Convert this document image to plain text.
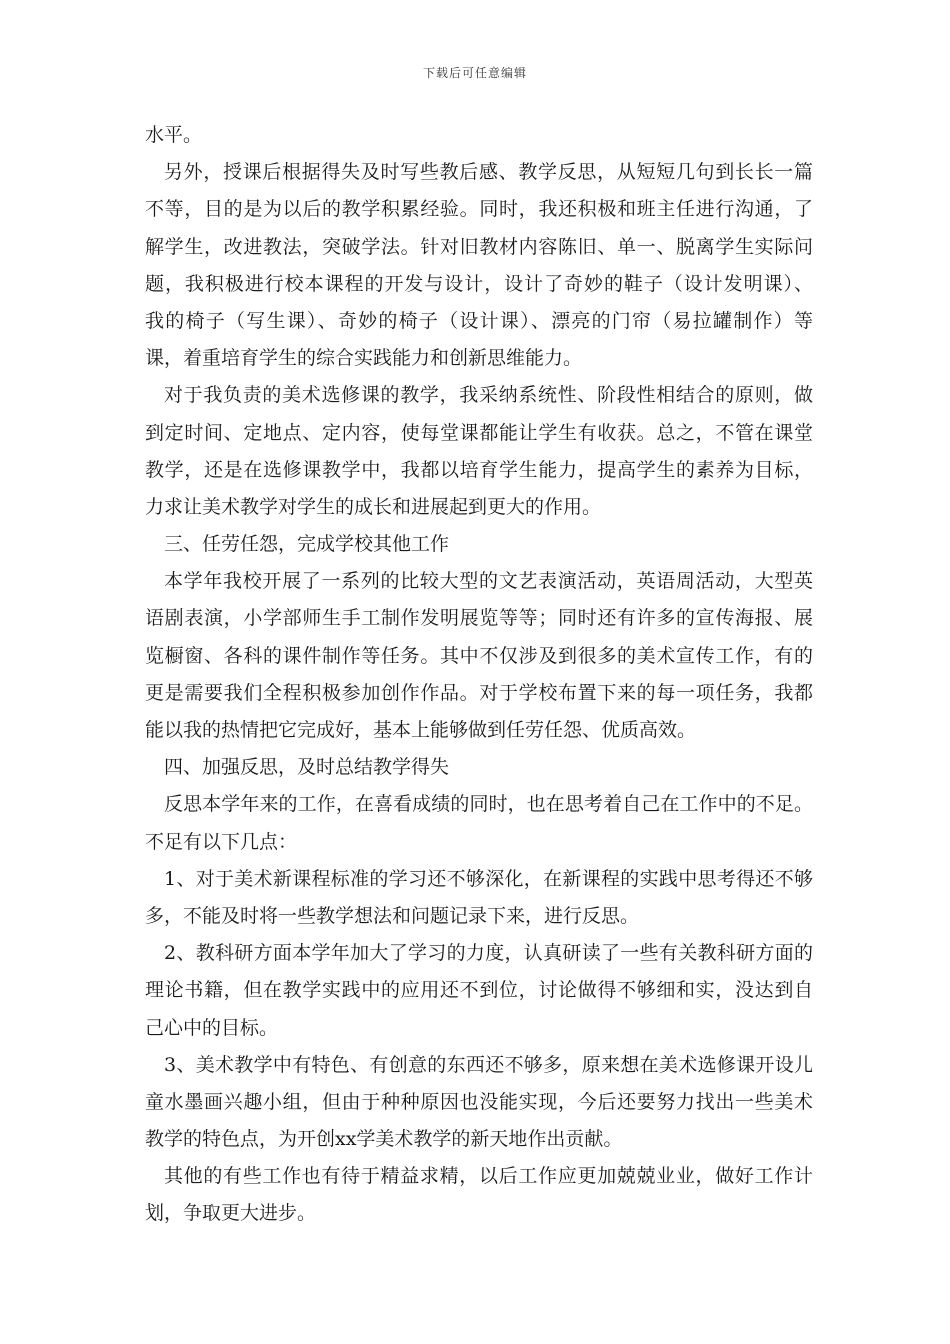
下载后可任意编辑
水平。
另外，授课后根据得失及时写些教后感、教学反思，从短短几句到长长一篇
不等，目的是为以后的教学积累经验。同时，我还积极和班主任进行沟通，了
解学生，改进教法，突破学法。针对旧教材内容陈旧、单一、脱离学生实际问
题，我积极进行校本课程的开发与设计，设计了奇妙的鞋子（设计发明课）、
我的椅子（写生课）、奇妙的椅子（设计课）、漂亮的门帘（易拉罐制作）等
课，着重培育学生的综合实践能力和创新思维能力。
对于我负责的美术选修课的教学，我采纳系统性、阶段性相结合的原则，做
到定时间、定地点、定内容，使每堂课都能让学生有收获。总之，不管在课堂
教学，还是在选修课教学中，我都以培育学生能力，提高学生的素养为目标，
力求让美术教学对学生的成长和进展起到更大的作用。
三、任劳任怨，完成学校其他工作
本学年我校开展了一系列的比较大型的文艺表演活动，英语周活动，大型英
语剧表演，小学部师生手工制作发明展览等等；同时还有许多的宣传海报、展
览橱窗、各科的课件制作等任务。其中不仅涉及到很多的美术宣传工作，有的
更是需要我们全程积极参加创作作品。对于学校布置下来的每一项任务，我都
能以我的热情把它完成好，基本上能够做到任劳任怨、优质高效。
四、加强反思，及时总结教学得失
反思本学年来的工作，在喜看成绩的同时，也在思考着自己在工作中的不足。
不足有以下几点：
1、对于美术新课程标准的学习还不够深化，在新课程的实践中思考得还不够
多，不能及时将一些教学想法和问题记录下来，进行反思。
2、教科研方面本学年加大了学习的力度，认真研读了一些有关教科研方面的
理论书籍，但在教学实践中的应用还不到位，讨论做得不够细和实，没达到自
己心中的目标。
3、美术教学中有特色、有创意的东西还不够多，原来想在美术选修课开设儿
童水墨画兴趣小组，但由于种种原因也没能实现，今后还要努力找出一些美术
教学的特色点，为开创xx学美术教学的新天地作出贡献。
其他的有些工作也有待于精益求精，以后工作应更加兢兢业业，做好工作计
划，争取更大进步。
